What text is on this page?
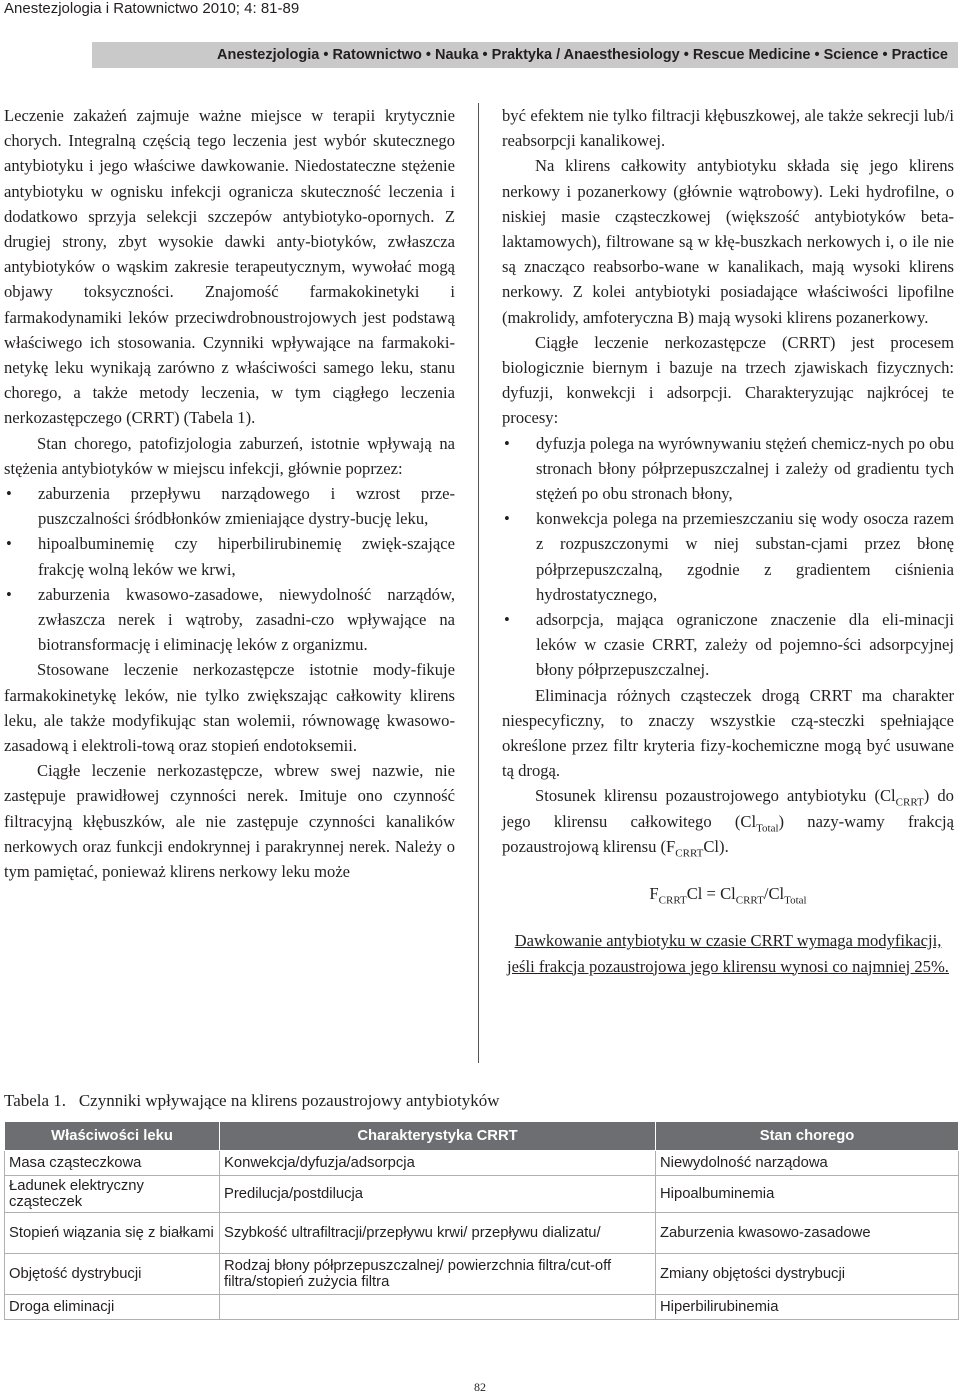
Anestezjologia i Ratownictwo 2010; 4: 81-89
Anestezjologia • Ratownictwo • Nauka • Praktyka / Anaesthesiology • Rescue Medicine • Science • Practice

Leczenie zakażeń zajmuje ważne miejsce w terapii krytycznie chorych. Integralną częścią tego leczenia jest wybór skutecznego antybiotyku i jego właściwe dawkowanie. Niedostateczne stężenie antybiotyku w ognisku infekcji ogranicza skuteczność leczenia i dodatkowo sprzyja selekcji szczepów antybiotyko-opornych. Z drugiej strony, zbyt wysokie dawki anty-biotyków, zwłaszcza antybiotyków o wąskim zakresie terapeutycznym, wywołać mogą objawy toksyczności. Znajomość farmakokinetyki i farmakodynamiki leków przeciwdrobnoustrojowych jest podstawą właściwego ich stosowania. Czynniki wpływające na farmakoki-netykę leku wynikają zarówno z właściwości samego leku, stanu chorego, a także metody leczenia, w tym ciągłego leczenia nerkozastępczego (CRRT) (Tabela 1).

Stan chorego, patofizjologia zaburzeń, istotnie wpływają na stężenia antybiotyków w miejscu infekcji, głównie poprzez:

• zaburzenia przepływu narządowego i wzrost prze-puszczalności śródbłonków zmieniające dystry-bucję leku,
• hipoalbuminemię czy hiperbilirubinemię zwięk-szające frakcję wolną leków we krwi,
• zaburzenia kwasowo-zasadowe, niewydolność narządów, zwłaszcza nerek i wątroby, zasadni-czo wpływające na biotransformację i eliminację leków z organizmu.

Stosowane leczenie nerkozastępcze istotnie mody-fikuje farmakokinetykę leków, nie tylko zwiększając całkowity klirens leku, ale także modyfikując stan wolemii, równowagę kwasowo-zasadową i elektroli-tową oraz stopień endotoksemii.

Ciągłe leczenie nerkozastępcze, wbrew swej nazwie, nie zastępuje prawidłowej czynności nerek. Imituje ono czynność filtracyjną kłębuszków, ale nie zastępuje czynności kanalików nerkowych oraz funkcji endokrynnej i parakrynnej nerek. Należy o tym pamiętać, ponieważ klirens nerkowy leku może

być efektem nie tylko filtracji kłębuszkowej, ale także sekrecji lub/i reabsorpcji kanalikowej.

Na klirens całkowity antybiotyku składa się jego klirens nerkowy i pozanerkowy (głównie wątrobowy). Leki hydrofilne, o niskiej masie cząsteczkowej (większość antybiotyków beta-laktamowych), filtrowane są w kłę-buszkach nerkowych i, o ile nie są znacząco reabsorbo-wane w kanalikach, mają wysoki klirens nerkowy. Z kolei antybiotyki posiadające właściwości lipofilne (makrolidy, amfoteryczna B) mają wysoki klirens pozanerkowy.

Ciągłe leczenie nerkozastępcze (CRRT) jest procesem biologicznie biernym i bazuje na trzech zjawiskach fizycznych: dyfuzji, konwekcji i adsorpcji. Charakteryzując najkrócej te procesy:

• dyfuzja polega na wyrównywaniu stężeń chemicz-nych po obu stronach błony półprzepuszczalnej i zależy od gradientu tych stężeń po obu stronach błony,
• konwekcja polega na przemieszczaniu się wody osocza razem z rozpuszczonymi w niej substan-cjami przez błonę półprzepuszczalną, zgodnie z gradientem ciśnienia hydrostatycznego,
• adsorpcja, mająca ograniczone znaczenie dla eli-minacji leków w czasie CRRT, zależy od pojemno-ści adsorpcyjnej błony półprzepuszczalnej.

Eliminacja różnych cząsteczek drogą CRRT ma charakter niespecyficzny, to znaczy wszystkie czą-steczki spełniające określone przez filtr kryteria fizy-kochemiczne mogą być usuwane tą drogą.

Stosunek klirensu pozaustrojowego antybiotyku $(Cl_{CRRT})$ do jego klirensu całkowitego $(Cl_{Total})$ nazy-wamy frakcją pozaustrojową klirensu $(F_{CRRT}Cl)$.

$F_{CRRT}Cl = Cl_{CRRT}/Cl_{Total}$

Dawkowanie antybiotyku w czasie CRRT wymaga modyfikacji, jeśli frakcja pozaustrojowa jego klirensu wynosi co najmniej 25%.

Tabela 1. Czynniki wpływające na klirens pozaustrojowy antybiotyków
Właściwości leku	Charakterystyka CRRT	Stan chorego
Masa cząsteczkowa	Konwekcja/dyfuzja/adsorpcja	Niewydolność narządowa
Ładunek elektryczny cząsteczek	Predilucja/postdilucja	Hipoalbuminemia
Stopień wiązania się z białkami	Szybkość ultrafiltracji/przepływu krwi/ przepływu dializatu/	Zaburzenia kwasowo-zasadowe
Objętość dystrybucji	Rodzaj błony półprzepuszczalnej/ powierzchnia filtra/cut-off filtra/stopień zużycia filtra	Zmiany objętości dystrybucji
Droga eliminacji		Hiperbilirubinemia
82
